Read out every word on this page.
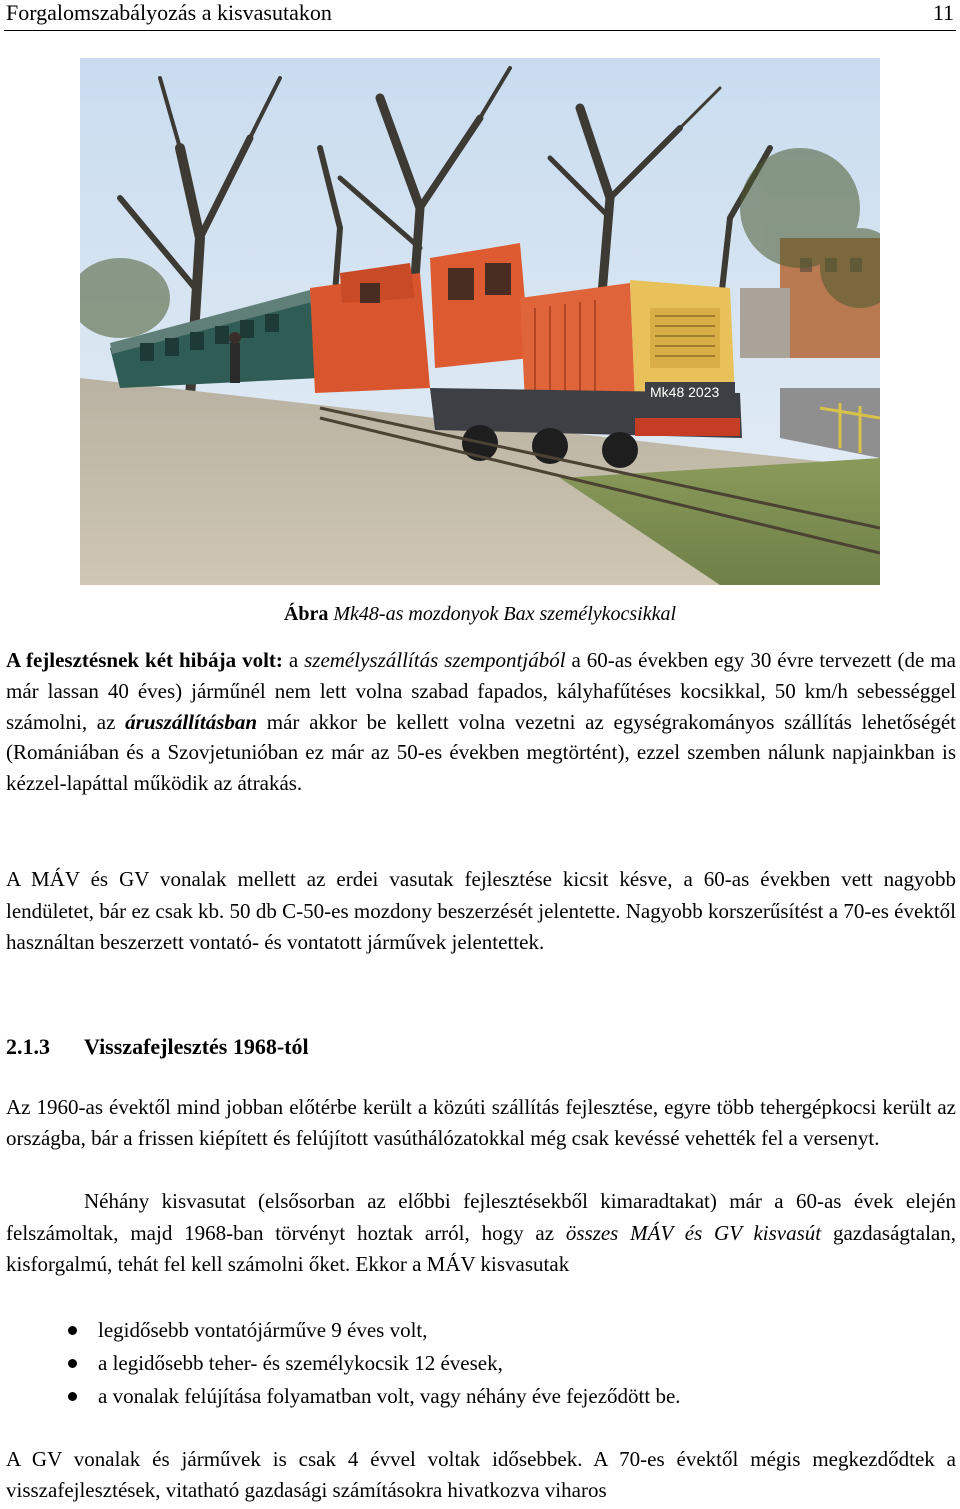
Forgalomszabályozás a kisvasutakon	11
Mk48 2023
Ábra Mk48-as mozdonyok Bax személykocsikkal
A fejlesztésnek két hibája volt: a személyszállítás szempontjából a 60-as években egy 30 évre tervezett (de ma már lassan 40 éves) járműnél nem lett volna szabad fapados, kályhafűtéses kocsikkal, 50 km/h sebességgel számolni, az áruszállításban már akkor be kellett volna vezetni az egységrakományos szállítás lehetőségét (Romániában és a Szovjetunióban ez már az 50-es években megtörtént), ezzel szemben nálunk napjainkban is kézzel-lapáttal működik az átrakás.
A MÁV és GV vonalak mellett az erdei vasutak fejlesztése kicsit késve, a 60-as években vett nagyobb lendületet, bár ez csak kb. 50 db C-50-es mozdony beszerzését jelentette. Nagyobb korszerűsítést a 70-es évektől használtan beszerzett vontató- és vontatott járművek jelentettek.
2.1.3 Visszafejlesztés 1968-tól
Az 1960-as évektől mind jobban előtérbe került a közúti szállítás fejlesztése, egyre több tehergépkocsi került az országba, bár a frissen kiépített és felújított vasúthálózatokkal még csak kevéssé vehették fel a versenyt.
Néhány kisvasutat (elsősorban az előbbi fejlesztésekből kimaradtakat) már a 60-as évek elején felszámoltak, majd 1968-ban törvényt hoztak arról, hogy az összes MÁV és GV kisvasút gazdaságtalan, kisforgalmú, tehát fel kell számolni őket. Ekkor a MÁV kisvasutak
legidősebb vontatójárműve 9 éves volt,
a legidősebb teher- és személykocsik 12 évesek,
a vonalak felújítása folyamatban volt, vagy néhány éve fejeződött be.
A GV vonalak és járművek is csak 4 évvel voltak idősebbek. A 70-es évektől mégis megkezdődtek a visszafejlesztések, vitatható gazdasági számításokra hivatkozva viharos
